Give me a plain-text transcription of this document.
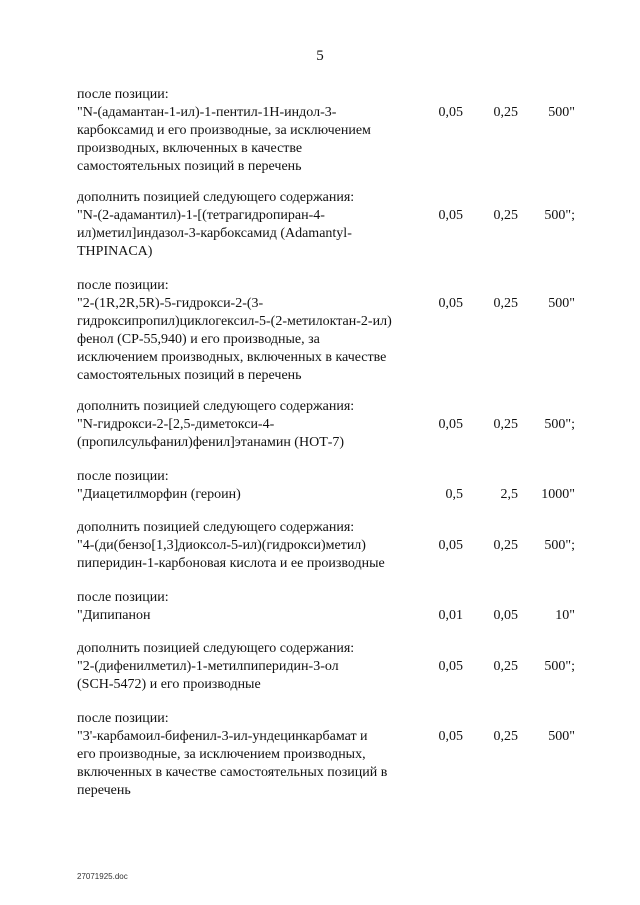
5
после позиции:
"N-(адамантан-1-ил)-1-пентил-1Н-индол-3-
карбоксамид и его производные, за исключением
производных, включенных в качестве
самостоятельных позиций в перечень
0,05	0,25	500"
дополнить позицией следующего содержания:
"N-(2-адамантил)-1-[(тетрагидропиран-4-
ил)метил]индазол-3-карбоксамид (Adamantyl-
THPINACA)
0,05	0,25	500";
после позиции:
"2-(1R,2R,5R)-5-гидрокси-2-(3-
гидроксипропил)циклогексил-5-(2-метилоктан-2-ил)
фенол (СР-55,940) и его производные, за
исключением производных, включенных в качестве
самостоятельных позиций в перечень
0,05	0,25	500"
дополнить позицией следующего содержания:
"N-гидрокси-2-[2,5-диметокси-4-
(пропилсульфанил)фенил]этанамин (НОТ-7)
0,05	0,25	500";
после позиции:
"Диацетилморфин (героин)	0,5	2,5	1000"
дополнить позицией следующего содержания:
"4-(ди(бензо[1,3]диоксол-5-ил)(гидрокси)метил)
пиперидин-1-карбоновая кислота и ее производные
0,05	0,25	500";
после позиции:
"Дипипанон	0,01	0,05	10"
дополнить позицией следующего содержания:
"2-(дифенилметил)-1-метилпиперидин-3-ол
(SCH-5472) и его производные
0,05	0,25	500";
после позиции:
"3'-карбамоил-бифенил-3-ил-ундецинкарбамат и
его производные, за исключением производных,
включенных в качестве самостоятельных позиций в
перечень
0,05	0,25	500"
27071925.doc
